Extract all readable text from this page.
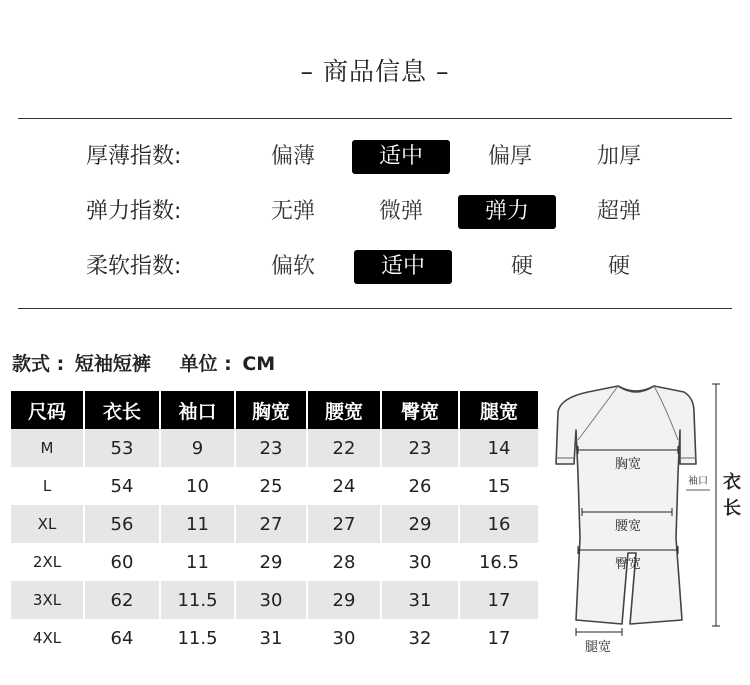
– 商品信息 –
厚薄指数:	偏薄	适中	偏厚	加厚
弹力指数:	无弹	微弹	弹力	超弹
柔软指数:	偏软	适中	硬	硬
款式 : 短袖短裤 单位 : CM
尺码	衣长	袖口	胸宽	腰宽	臀宽	腿宽
M	53	9	23	22	23	14
L	54	10	25	24	26	15
XL	56	11	27	27	29	16
2XL	60	11	29	28	30	16.5
3XL	62	11.5	30	29	31	17
4XL	64	11.5	31	30	32	17
胸宽
腰宽
臀宽
袖口
腿宽
衣
长
